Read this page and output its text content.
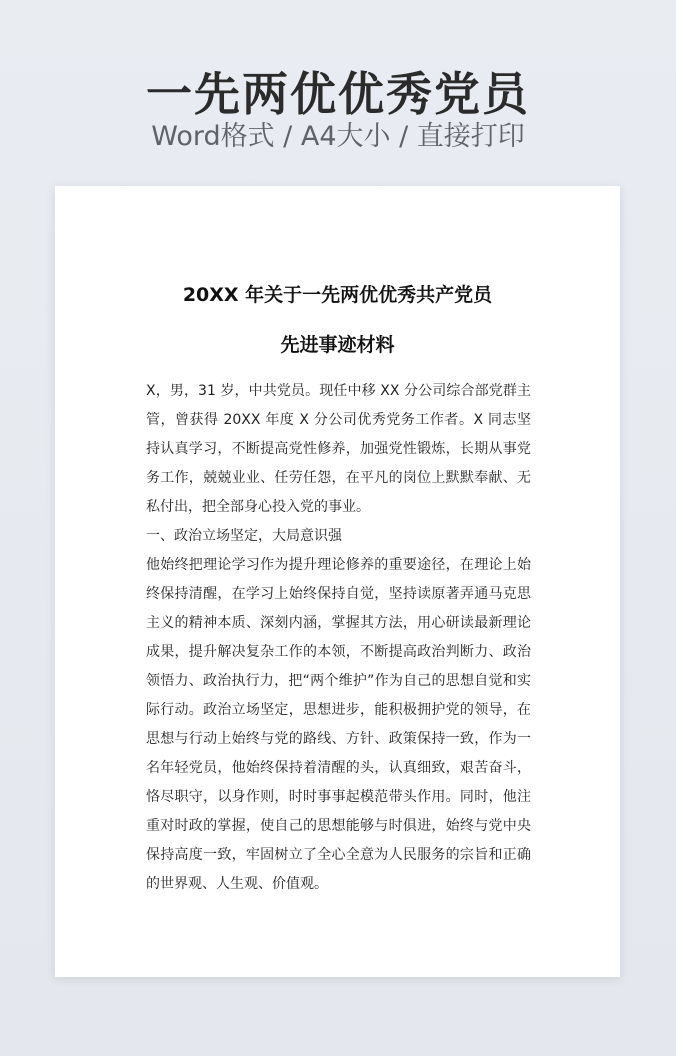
一先两优优秀党员
Word格式 / A4大小 / 直接打印
20XX 年关于一先两优优秀共产党员
先进事迹材料

X，男，31 岁，中共党员。现任中移 XX 分公司综合部党群主管，曾获得 20XX 年度 X 分公司优秀党务工作者。X 同志坚持认真学习，不断提高党性修养，加强党性锻炼，长期从事党务工作，兢兢业业、任劳任怨，在平凡的岗位上默默奉献、无私付出，把全部身心投入党的事业。

一、政治立场坚定，大局意识强

他始终把理论学习作为提升理论修养的重要途径，在理论上始终保持清醒，在学习上始终保持自觉，坚持读原著弄通马克思主义的精神本质、深刻内涵，掌握其方法，用心研读最新理论成果，提升解决复杂工作的本领，不断提高政治判断力、政治领悟力、政治执行力，把“两个维护”作为自己的思想自觉和实际行动。政治立场坚定，思想进步，能积极拥护党的领导，在思想与行动上始终与党的路线、方针、政策保持一致，作为一名年轻党员，他始终保持着清醒的头，认真细致，艰苦奋斗，恪尽职守，以身作则，时时事事起模范带头作用。同时，他注重对时政的掌握，使自己的思想能够与时俱进，始终与党中央保持高度一致，牢固树立了全心全意为人民服务的宗旨和正确的世界观、人生观、价值观。
